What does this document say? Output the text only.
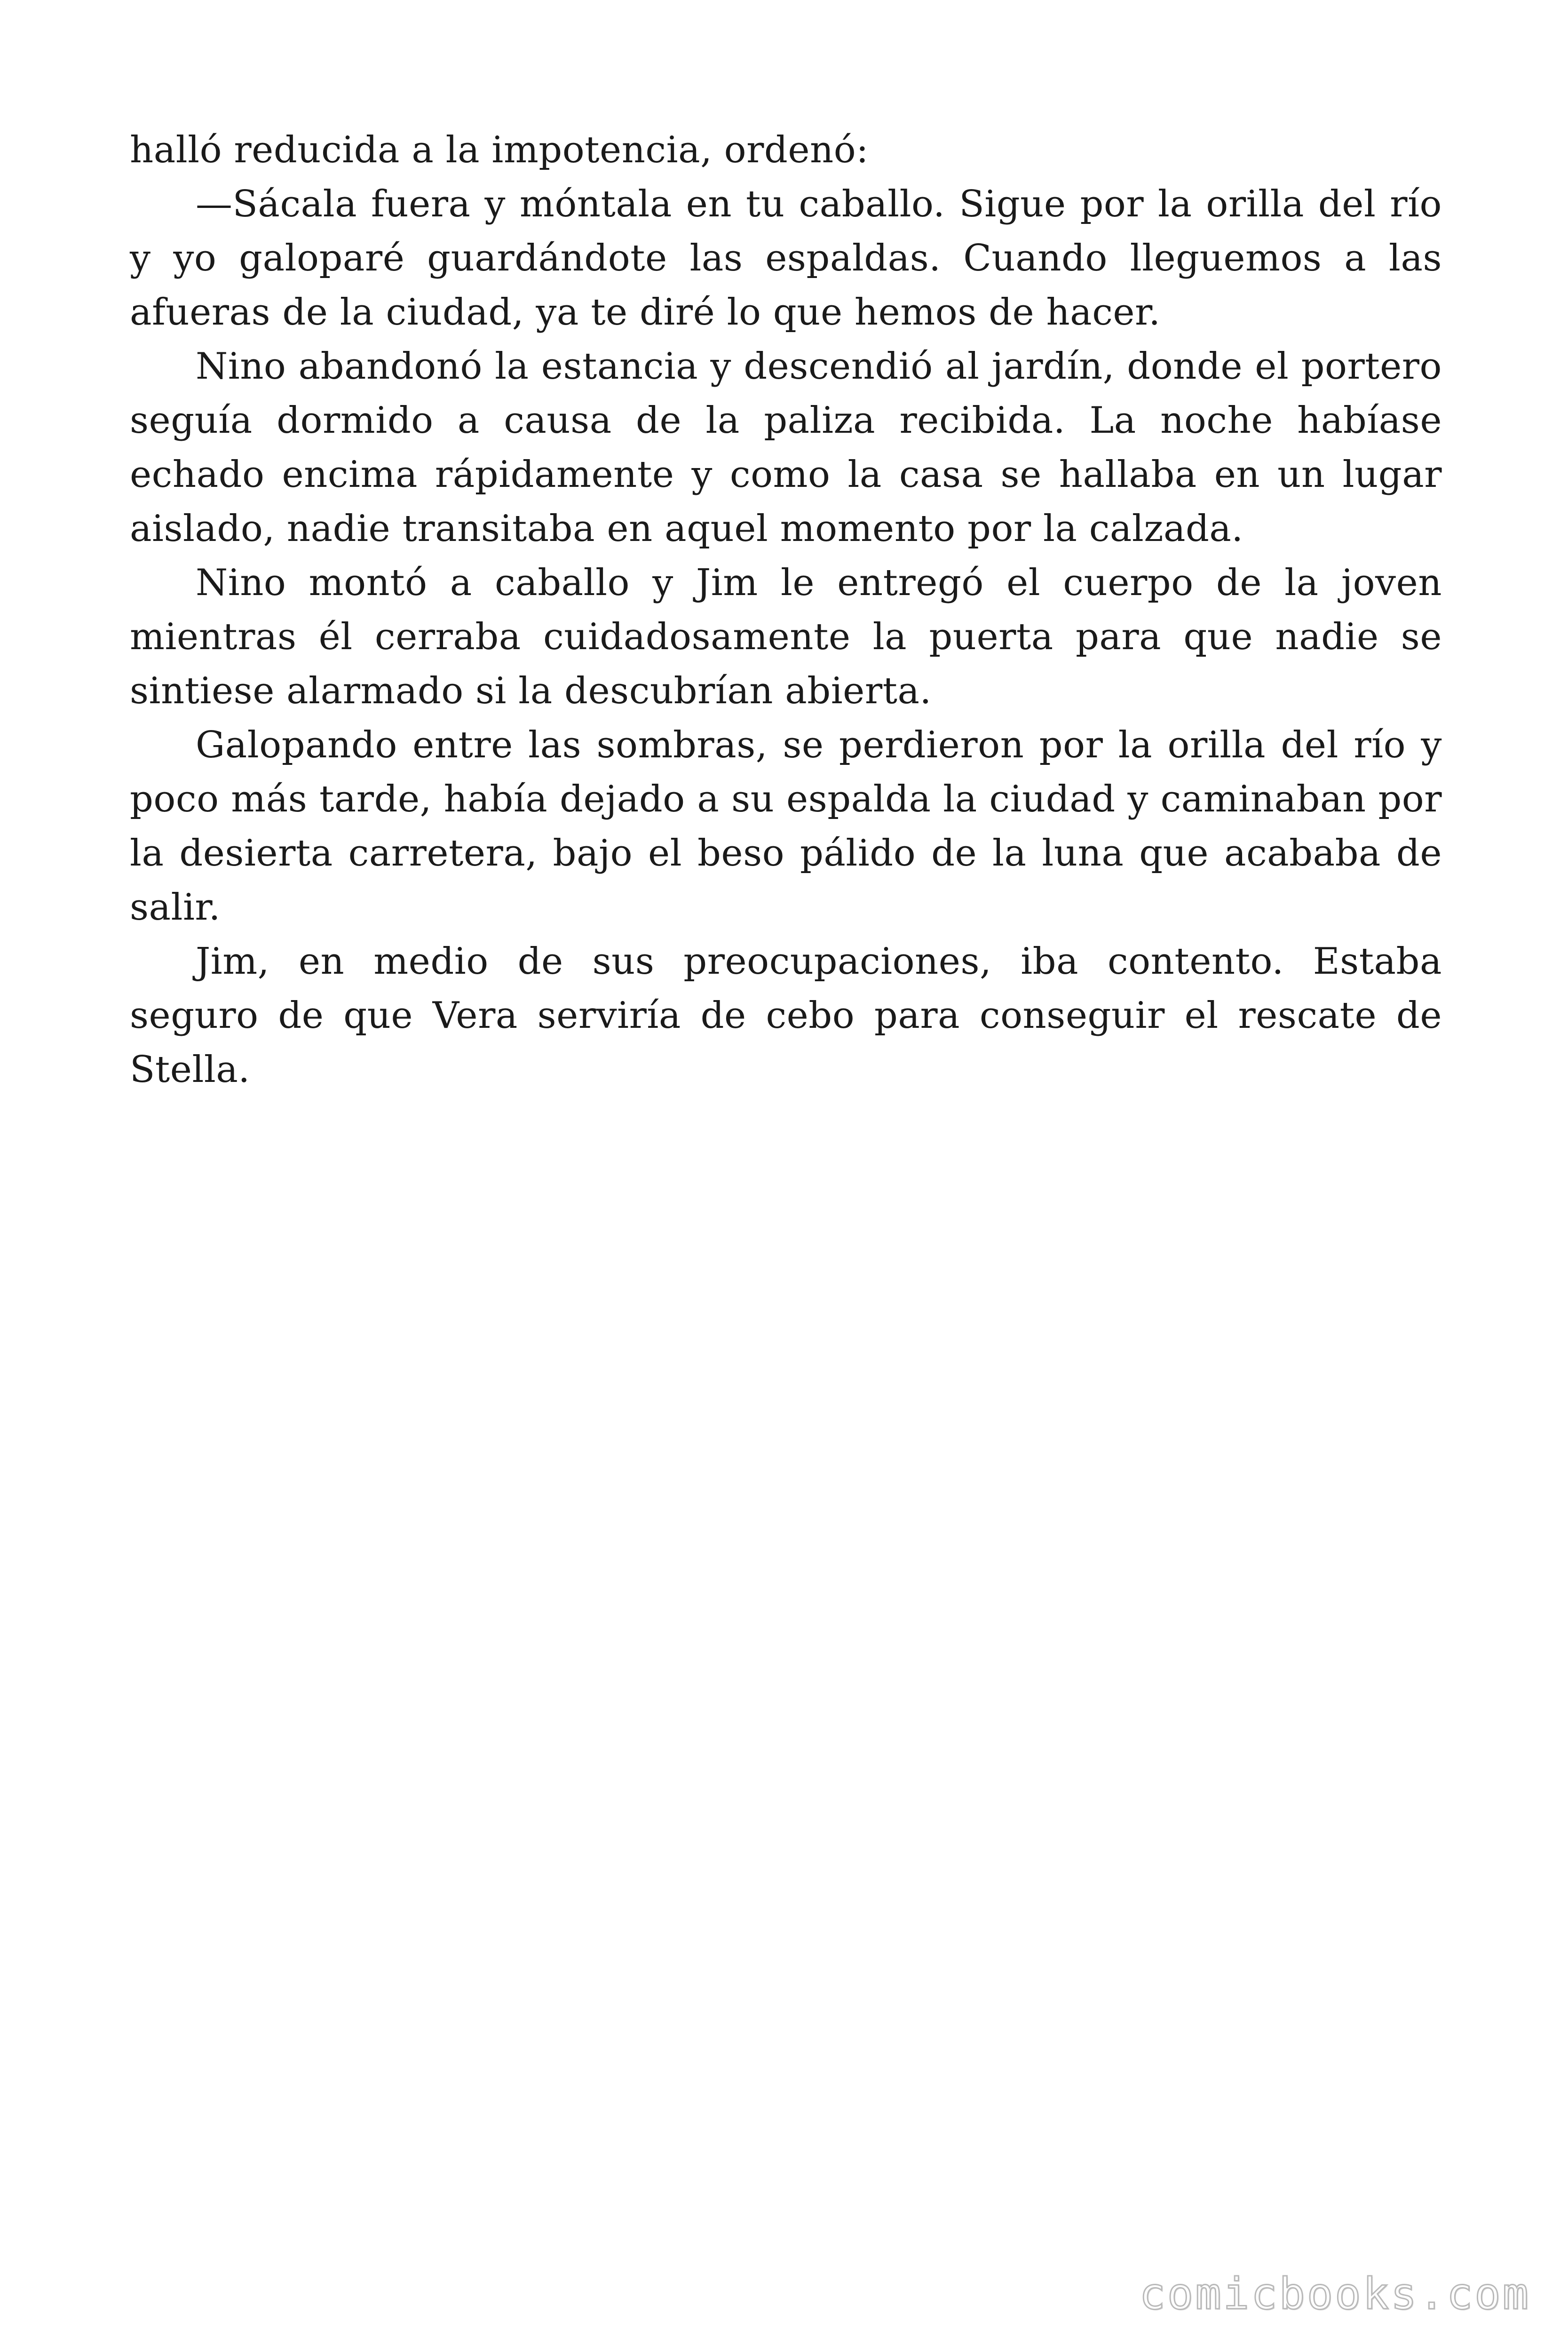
halló reducida a la impotencia, ordenó:

—Sácala fuera y móntala en tu caballo. Sigue por la orilla del río y yo galoparé guardándote las espaldas. Cuando lleguemos a las afueras de la ciudad, ya te diré lo que hemos de hacer.

Nino abandonó la estancia y descendió al jardín, donde el portero seguía dormido a causa de la paliza recibida. La noche habíase echado encima rápidamente y como la casa se hallaba en un lugar aislado, nadie transitaba en aquel momento por la calzada.

Nino montó a caballo y Jim le entregó el cuerpo de la joven mientras él cerraba cuidadosamente la puerta para que nadie se sintiese alarmado si la descubrían abierta.

Galopando entre las sombras, se perdieron por la orilla del río y poco más tarde, había dejado a su espalda la ciudad y caminaban por la desierta carretera, bajo el beso pálido de la luna que acababa de salir.

Jim, en medio de sus preocupaciones, iba contento. Estaba seguro de que Vera serviría de cebo para conseguir el rescate de Stella.

comicbooks.com
